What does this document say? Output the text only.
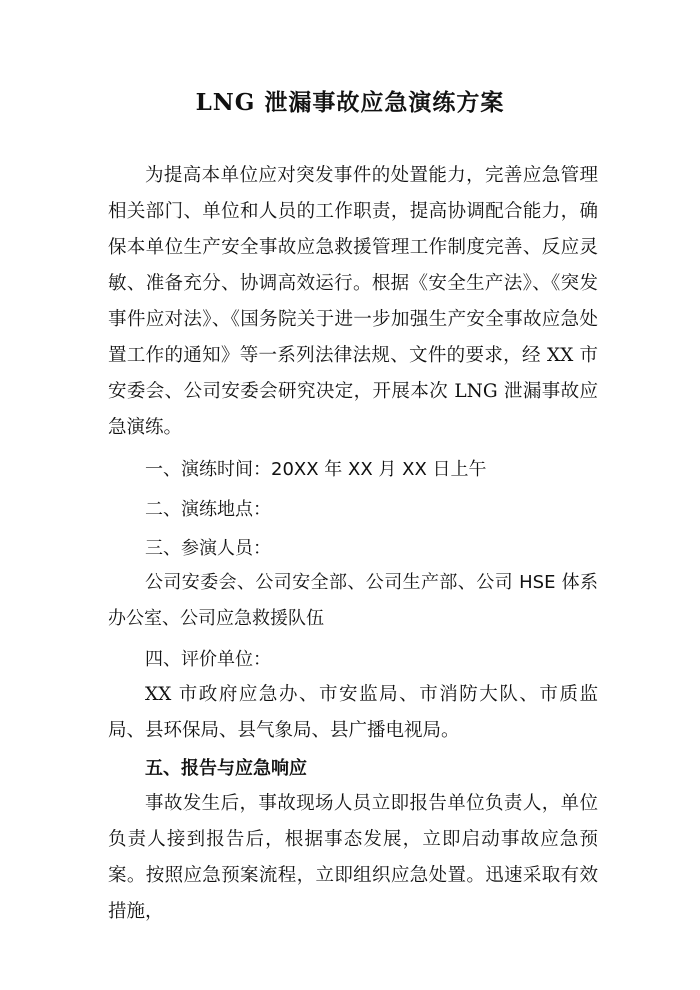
LNG 泄漏事故应急演练方案

为提高本单位应对突发事件的处置能力，完善应急管理相关部门、单位和人员的工作职责，提高协调配合能力，确保本单位生产安全事故应急救援管理工作制度完善、反应灵敏、准备充分、协调高效运行。根据《安全生产法》、《突发事件应对法》、《国务院关于进一步加强生产安全事故应急处置工作的通知》等一系列法律法规、文件的要求，经 XX 市安委会、公司安委会研究决定，开展本次 LNG 泄漏事故应急演练。

一、演练时间：20XX 年 XX 月 XX 日上午

二、演练地点：

三、参演人员：

公司安委会、公司安全部、公司生产部、公司 HSE 体系办公室、公司应急救援队伍

四、评价单位：

XX 市政府应急办、市安监局、市消防大队、市质监局、县环保局、县气象局、县广播电视局。

五、报告与应急响应

事故发生后，事故现场人员立即报告单位负责人，单位负责人接到报告后，根据事态发展，立即启动事故应急预案。按照应急预案流程，立即组织应急处置。迅速采取有效措施，
